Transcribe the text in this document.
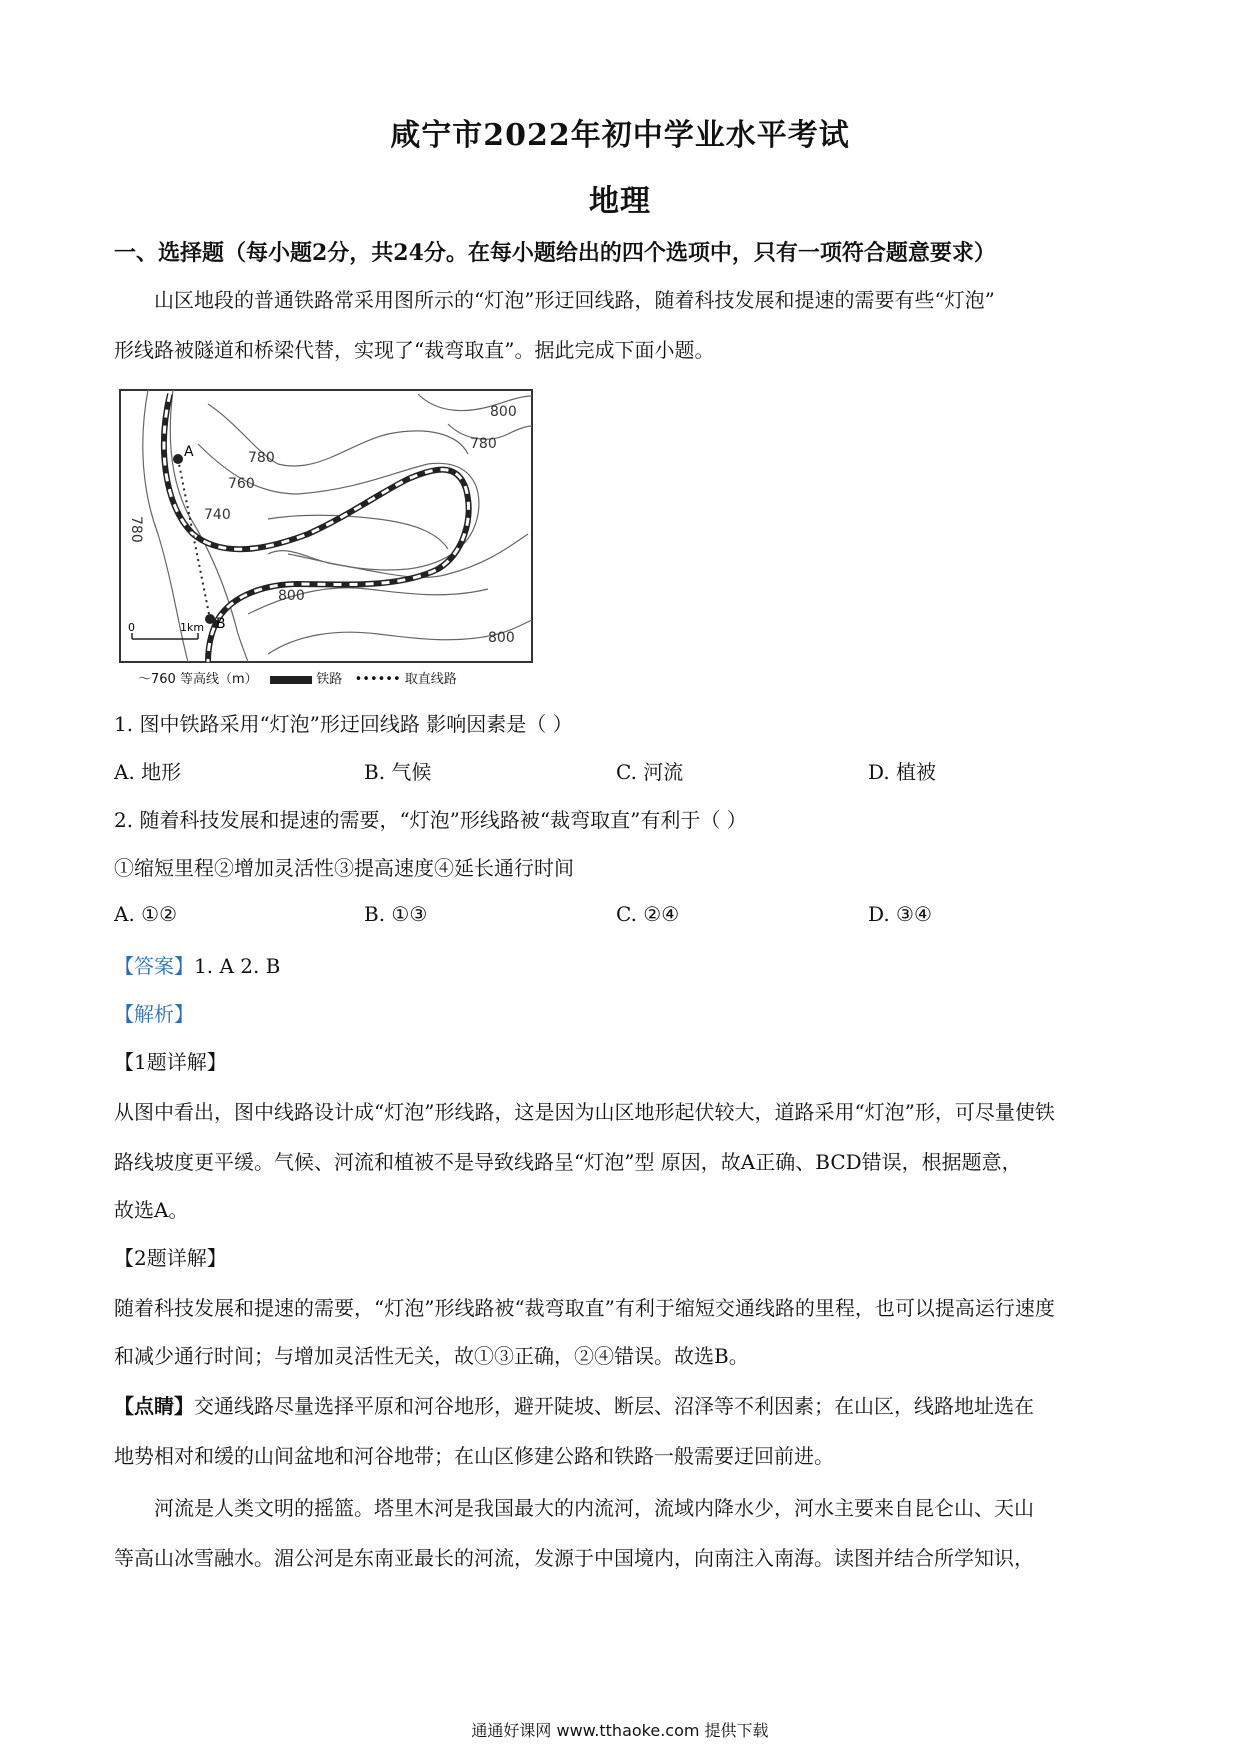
咸宁市2022年初中学业水平考试
地理
一、选择题（每小题2分，共24分。在每小题给出的四个选项中，只有一项符合题意要求）
山区地段的普通铁路常采用图所示的“灯泡”形迂回线路，随着科技发展和提速的需要有些“灯泡”
形线路被隧道和桥梁代替，实现了“裁弯取直”。据此完成下面小题。
A
B
800
780
780
760
740
780
800
800
0	1km
〜760 等高线（m）	铁路 •••••• 取直线路
1. 图中铁路采用“灯泡”形迂回线路 影响因素是（ ）
A. 地形	B. 气候	C. 河流	D. 植被
2. 随着科技发展和提速的需要，“灯泡”形线路被“裁弯取直”有利于（ ）
①缩短里程②增加灵活性③提高速度④延长通行时间
A. ①②	B. ①③	C. ②④	D. ③④
【答案】1. A 2. B
【解析】
【1题详解】
从图中看出，图中线路设计成“灯泡”形线路，这是因为山区地形起伏较大，道路采用“灯泡”形，可尽量使铁
路线坡度更平缓。气候、河流和植被不是导致线路呈“灯泡”型 原因，故A正确、BCD错误，根据题意，
故选A。
【2题详解】
随着科技发展和提速的需要，“灯泡”形线路被“裁弯取直”有利于缩短交通线路的里程，也可以提高运行速度
和减少通行时间；与增加灵活性无关，故①③正确，②④错误。故选B。
【点睛】交通线路尽量选择平原和河谷地形，避开陡坡、断层、沼泽等不利因素；在山区，线路地址选在
地势相对和缓的山间盆地和河谷地带；在山区修建公路和铁路一般需要迂回前进。
河流是人类文明的摇篮。塔里木河是我国最大的内流河，流域内降水少，河水主要来自昆仑山、天山
等高山冰雪融水。湄公河是东南亚最长的河流，发源于中国境内，向南注入南海。读图并结合所学知识，
通通好课网 www.tthaoke.com 提供下载
